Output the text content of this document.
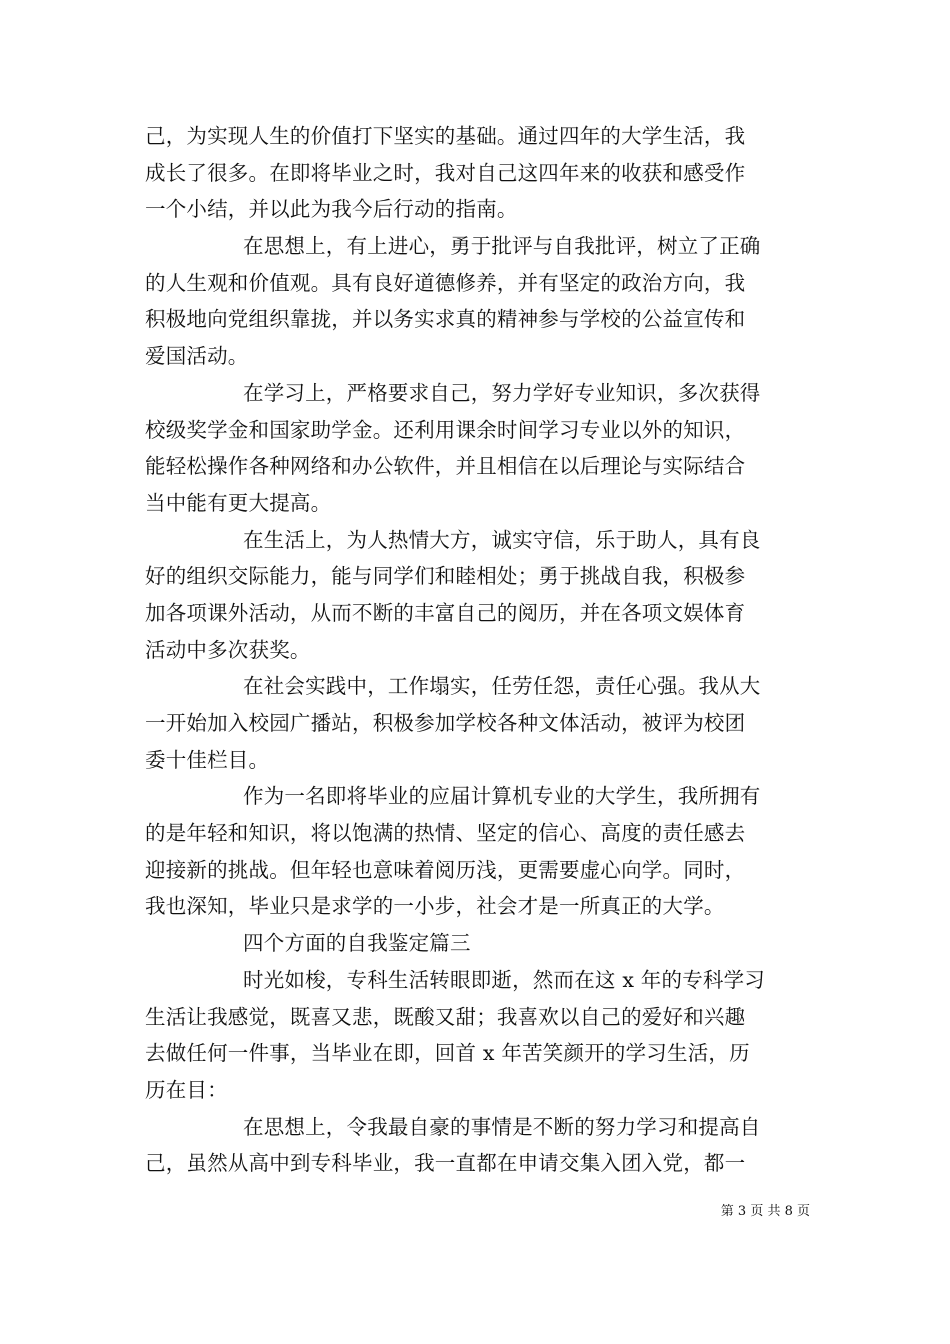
己，为实现人生的价值打下坚实的基础。通过四年的大学生活，我
成长了很多。在即将毕业之时，我对自己这四年来的收获和感受作
一个小结，并以此为我今后行动的指南。
在思想上，有上进心，勇于批评与自我批评，树立了正确
的人生观和价值观。具有良好道德修养，并有坚定的政治方向，我
积极地向党组织靠拢，并以务实求真的精神参与学校的公益宣传和
爱国活动。
在学习上，严格要求自己，努力学好专业知识，多次获得
校级奖学金和国家助学金。还利用课余时间学习专业以外的知识，
能轻松操作各种网络和办公软件，并且相信在以后理论与实际结合
当中能有更大提高。
在生活上，为人热情大方，诚实守信，乐于助人，具有良
好的组织交际能力，能与同学们和睦相处；勇于挑战自我，积极参
加各项课外活动，从而不断的丰富自己的阅历，并在各项文娱体育
活动中多次获奖。
在社会实践中，工作塌实，任劳任怨，责任心强。我从大
一开始加入校园广播站，积极参加学校各种文体活动，被评为校团
委十佳栏目。
作为一名即将毕业的应届计算机专业的大学生，我所拥有
的是年轻和知识，将以饱满的热情、坚定的信心、高度的责任感去
迎接新的挑战。但年轻也意味着阅历浅，更需要虚心向学。同时，
我也深知，毕业只是求学的一小步，社会才是一所真正的大学。
四个方面的自我鉴定篇三
时光如梭，专科生活转眼即逝，然而在这 x 年的专科学习
生活让我感觉，既喜又悲，既酸又甜；我喜欢以自己的爱好和兴趣
去做任何一件事，当毕业在即，回首 x 年苦笑颜开的学习生活，历
历在目：
在思想上，令我最自豪的事情是不断的努力学习和提高自
己，虽然从高中到专科毕业，我一直都在申请交集入团入党，都一
第 3 页 共 8 页
